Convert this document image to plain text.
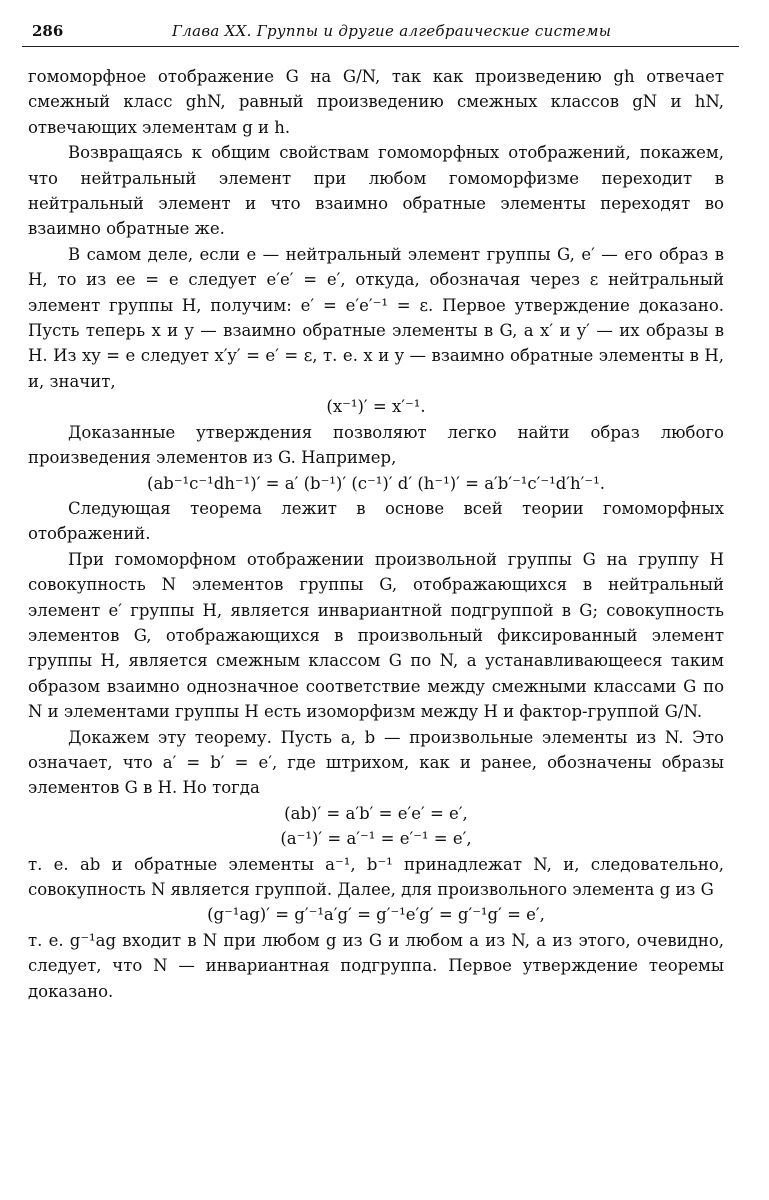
286	Глава XX. Группы и другие алгебраические системы

гомоморфное отображение G на G/N, так как произведению gh отвечает смежный класс ghN, равный произведению смежных классов gN и hN, отвечающих элементам g и h.

Возвращаясь к общим свойствам гомоморфных отображений, покажем, что нейтральный элемент при любом гомоморфизме переходит в нейтральный элемент и что взаимно обратные элементы переходят во взаимно обратные же.

В самом деле, если e — нейтральный элемент группы G, e′ — его образ в H, то из ee = e следует e′e′ = e′, откуда, обозначая через ε нейтральный элемент группы H, получим: e′ = e′e′⁻¹ = ε. Первое утверждение доказано. Пусть теперь x и y — взаимно обратные элементы в G, а x′ и y′ — их образы в H. Из xy = e следует x′y′ = e′ = ε, т. е. x и y — взаимно обратные элементы в H, и, значит,

(x⁻¹)′ = x′⁻¹.

Доказанные утверждения позволяют легко найти образ любого произведения элементов из G. Например,

(ab⁻¹c⁻¹dh⁻¹)′ = a′ (b⁻¹)′ (c⁻¹)′ d′ (h⁻¹)′ = a′b′⁻¹c′⁻¹d′h′⁻¹.

Следующая теорема лежит в основе всей теории гомоморфных отображений.

При гомоморфном отображении произвольной группы G на группу H совокупность N элементов группы G, отображающихся в нейтральный элемент e′ группы H, является инвариантной подгруппой в G; совокупность элементов G, отображающихся в произвольный фиксированный элемент группы H, является смежным классом G по N, а устанавливающееся таким образом взаимно однозначное соответствие между смежными классами G по N и элементами группы H есть изоморфизм между H и фактор-группой G/N.

Докажем эту теорему. Пусть a, b — произвольные элементы из N. Это означает, что a′ = b′ = e′, где штрихом, как и ранее, обозначены образы элементов G в H. Но тогда

(ab)′ = a′b′ = e′e′ = e′,

(a⁻¹)′ = a′⁻¹ = e′⁻¹ = e′,

т. е. ab и обратные элементы a⁻¹, b⁻¹ принадлежат N, и, следовательно, совокупность N является группой. Далее, для произвольного элемента g из G

(g⁻¹ag)′ = g′⁻¹a′g′ = g′⁻¹e′g′ = g′⁻¹g′ = e′,

т. е. g⁻¹ag входит в N при любом g из G и любом a из N, а из этого, очевидно, следует, что N — инвариантная подгруппа. Первое утверждение теоремы доказано.
